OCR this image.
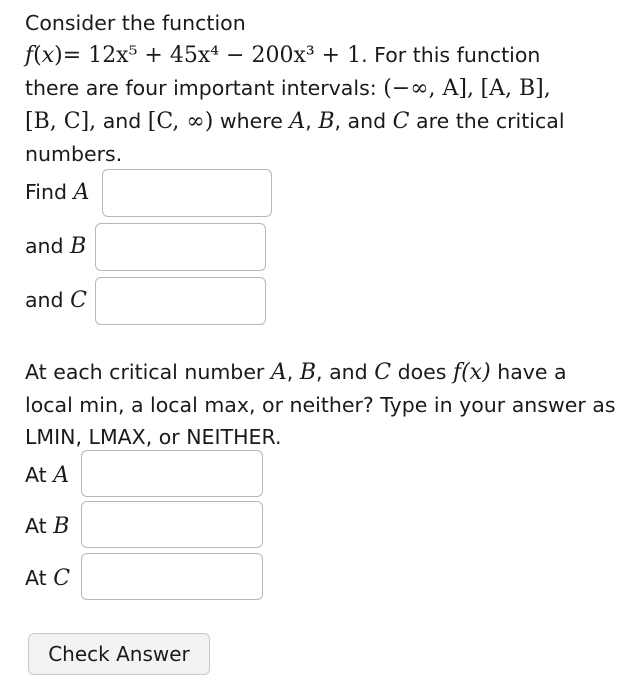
Consider the function
f(x)= 12x⁵ + 45x⁴ − 200x³ + 1. For this function
there are four important intervals: (−∞, A], [A, B],
[B, C], and [C, ∞) where A, B, and C are the critical
numbers.

Find A
and B
and C

At each critical number A, B, and C does f(x) have a local min, a local max, or neither? Type in your answer as LMIN, LMAX, or NEITHER.

At A
At B
At C
Check Answer
